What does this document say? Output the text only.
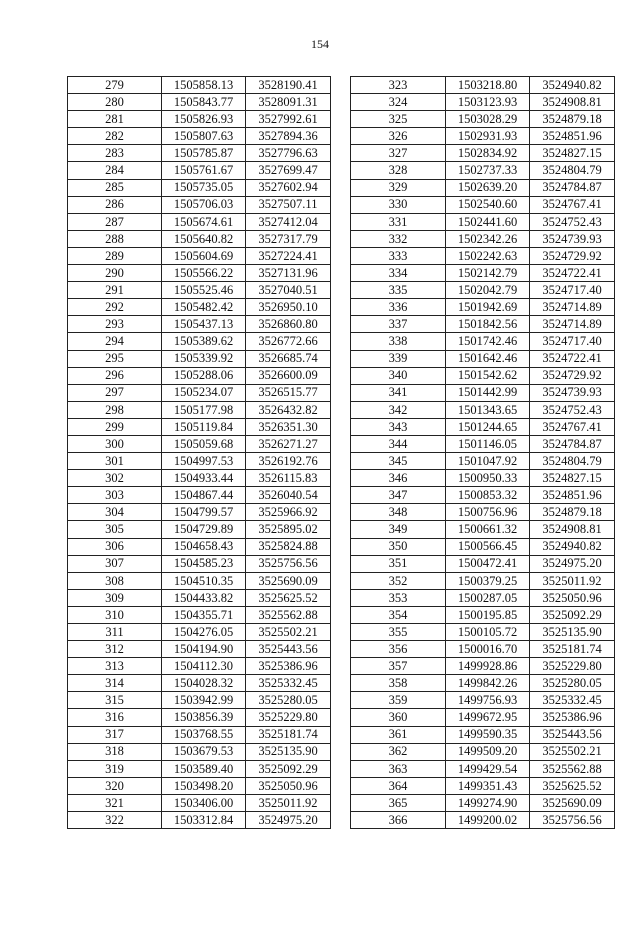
154
279	1505858.13	3528190.41
280	1505843.77	3528091.31
281	1505826.93	3527992.61
282	1505807.63	3527894.36
283	1505785.87	3527796.63
284	1505761.67	3527699.47
285	1505735.05	3527602.94
286	1505706.03	3527507.11
287	1505674.61	3527412.04
288	1505640.82	3527317.79
289	1505604.69	3527224.41
290	1505566.22	3527131.96
291	1505525.46	3527040.51
292	1505482.42	3526950.10
293	1505437.13	3526860.80
294	1505389.62	3526772.66
295	1505339.92	3526685.74
296	1505288.06	3526600.09
297	1505234.07	3526515.77
298	1505177.98	3526432.82
299	1505119.84	3526351.30
300	1505059.68	3526271.27
301	1504997.53	3526192.76
302	1504933.44	3526115.83
303	1504867.44	3526040.54
304	1504799.57	3525966.92
305	1504729.89	3525895.02
306	1504658.43	3525824.88
307	1504585.23	3525756.56
308	1504510.35	3525690.09
309	1504433.82	3525625.52
310	1504355.71	3525562.88
311	1504276.05	3525502.21
312	1504194.90	3525443.56
313	1504112.30	3525386.96
314	1504028.32	3525332.45
315	1503942.99	3525280.05
316	1503856.39	3525229.80
317	1503768.55	3525181.74
318	1503679.53	3525135.90
319	1503589.40	3525092.29
320	1503498.20	3525050.96
321	1503406.00	3525011.92
322	1503312.84	3524975.20
323	1503218.80	3524940.82
324	1503123.93	3524908.81
325	1503028.29	3524879.18
326	1502931.93	3524851.96
327	1502834.92	3524827.15
328	1502737.33	3524804.79
329	1502639.20	3524784.87
330	1502540.60	3524767.41
331	1502441.60	3524752.43
332	1502342.26	3524739.93
333	1502242.63	3524729.92
334	1502142.79	3524722.41
335	1502042.79	3524717.40
336	1501942.69	3524714.89
337	1501842.56	3524714.89
338	1501742.46	3524717.40
339	1501642.46	3524722.41
340	1501542.62	3524729.92
341	1501442.99	3524739.93
342	1501343.65	3524752.43
343	1501244.65	3524767.41
344	1501146.05	3524784.87
345	1501047.92	3524804.79
346	1500950.33	3524827.15
347	1500853.32	3524851.96
348	1500756.96	3524879.18
349	1500661.32	3524908.81
350	1500566.45	3524940.82
351	1500472.41	3524975.20
352	1500379.25	3525011.92
353	1500287.05	3525050.96
354	1500195.85	3525092.29
355	1500105.72	3525135.90
356	1500016.70	3525181.74
357	1499928.86	3525229.80
358	1499842.26	3525280.05
359	1499756.93	3525332.45
360	1499672.95	3525386.96
361	1499590.35	3525443.56
362	1499509.20	3525502.21
363	1499429.54	3525562.88
364	1499351.43	3525625.52
365	1499274.90	3525690.09
366	1499200.02	3525756.56
